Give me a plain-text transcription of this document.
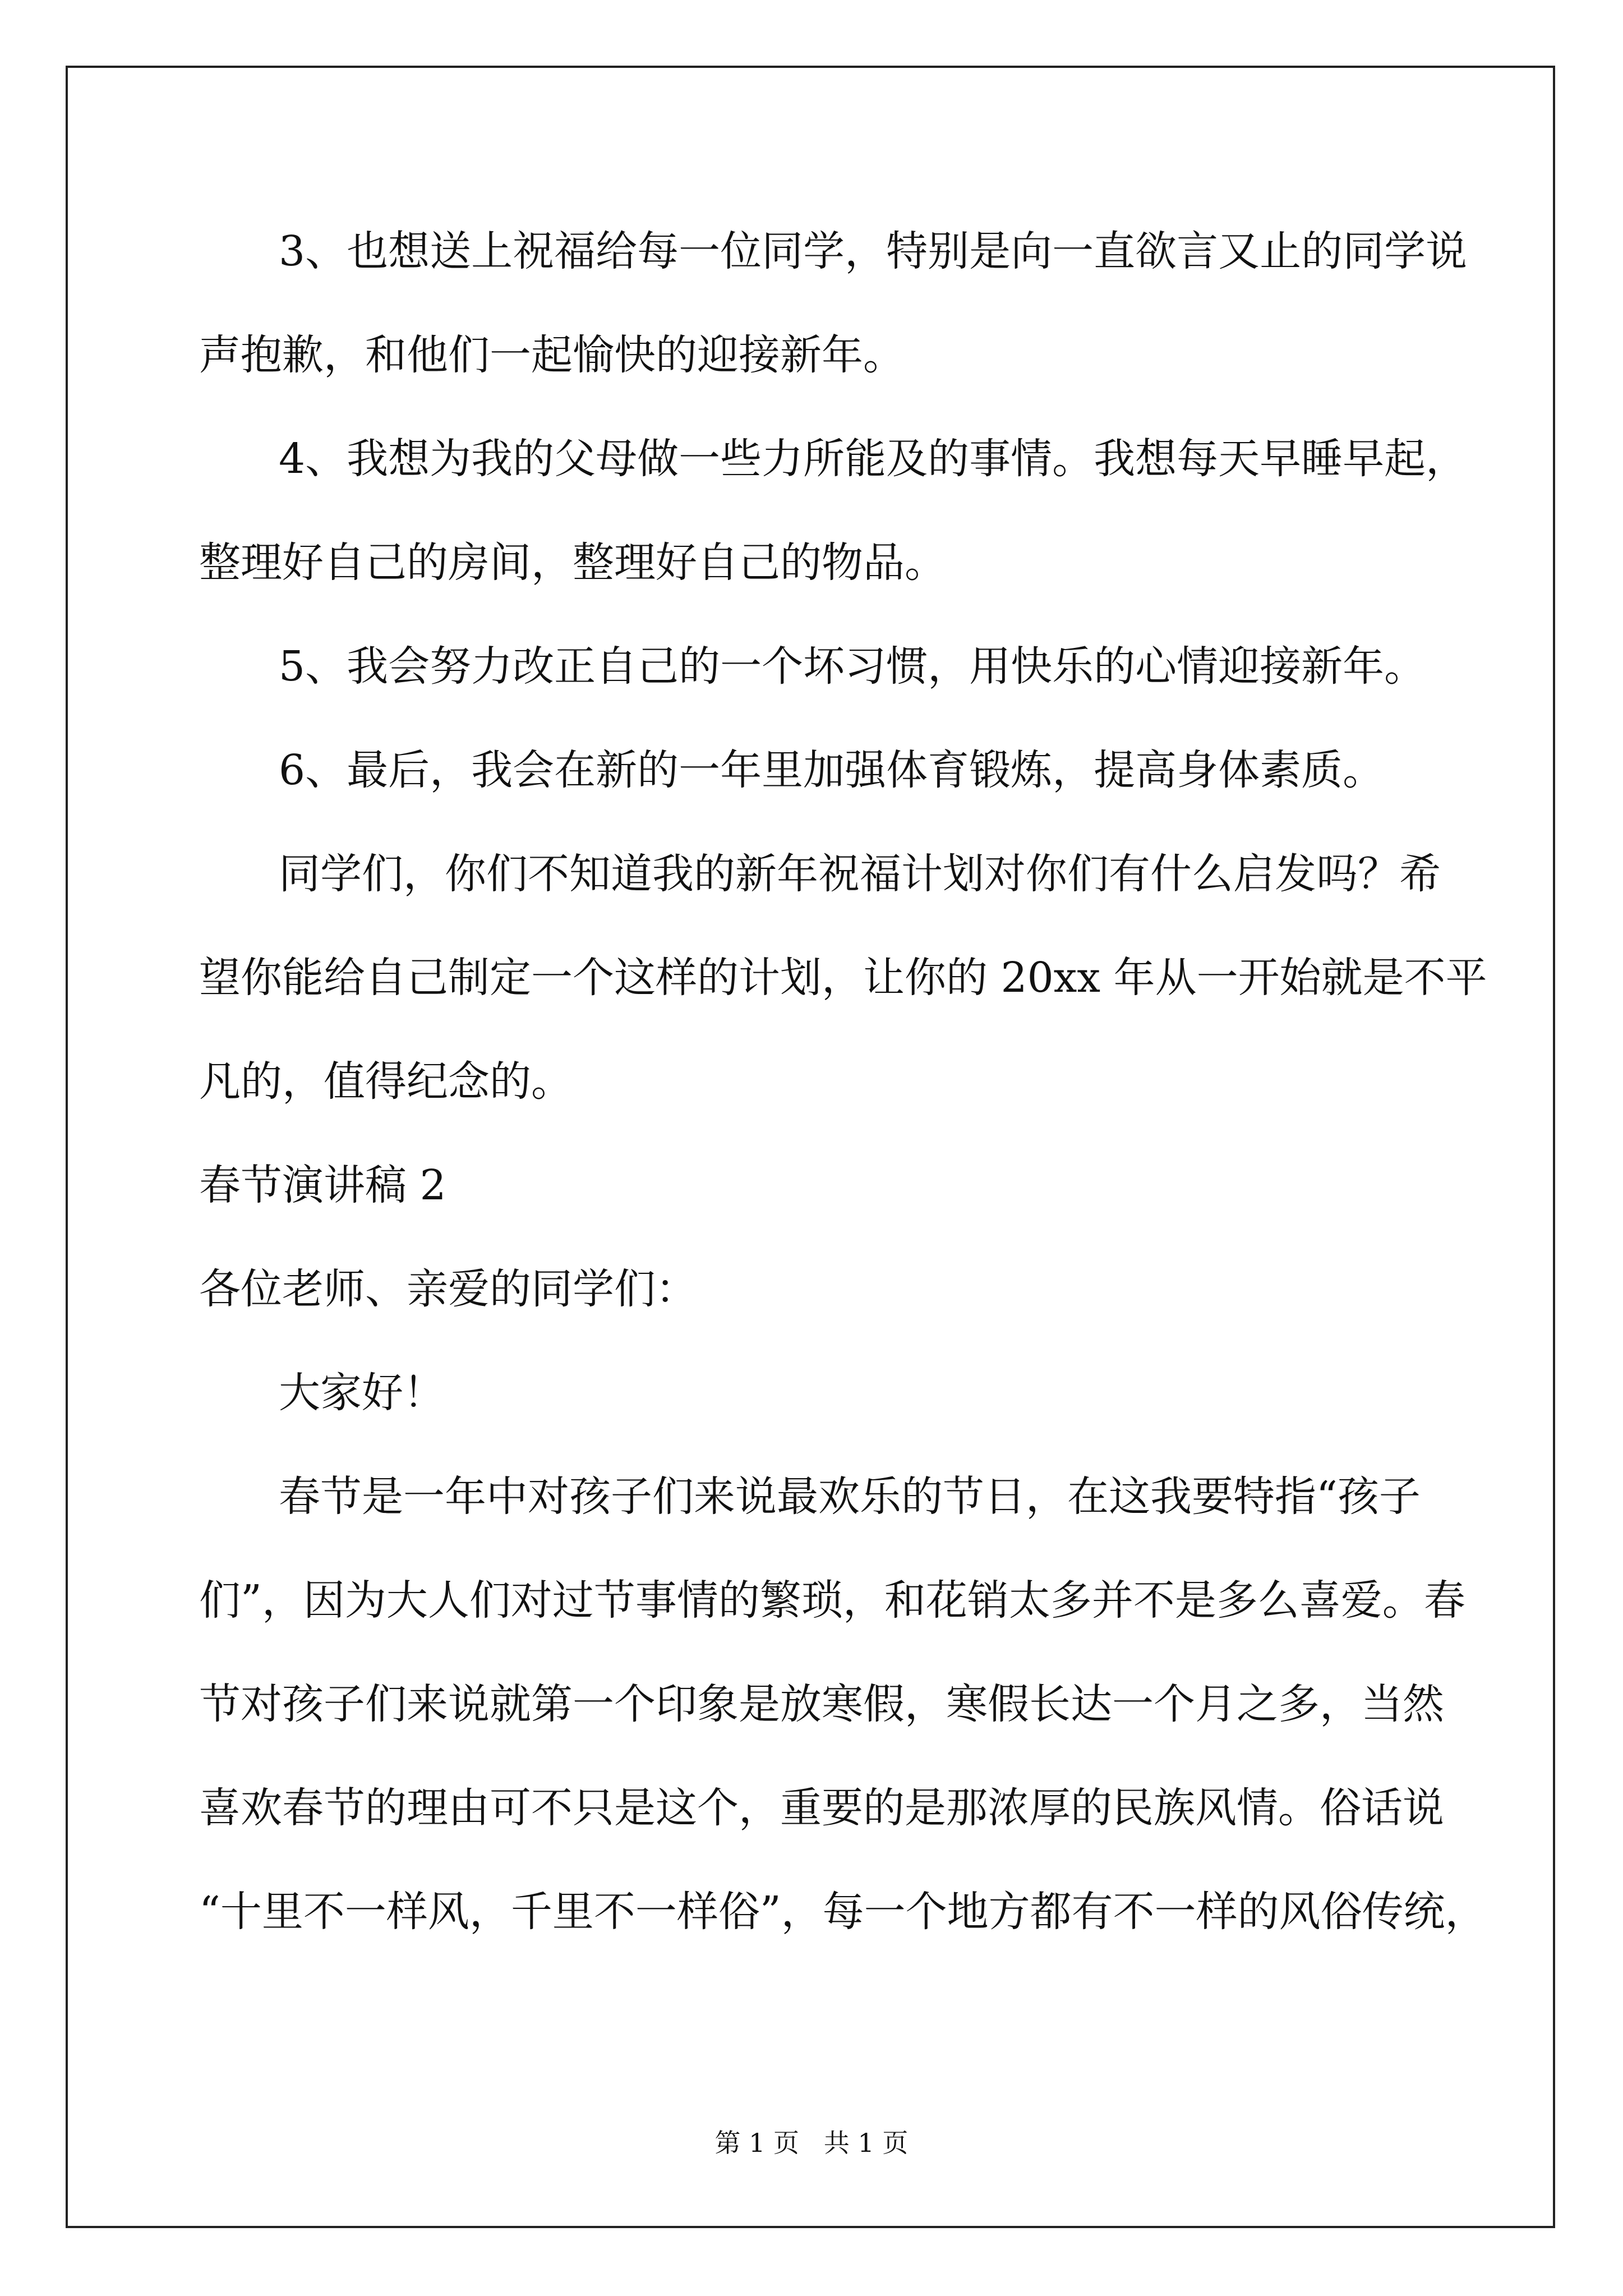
3、也想送上祝福给每一位同学，特别是向一直欲言又止的同学说
声抱歉，和他们一起愉快的迎接新年。
4、我想为我的父母做一些力所能及的事情。我想每天早睡早起，
整理好自己的房间，整理好自己的物品。
5、我会努力改正自己的一个坏习惯，用快乐的心情迎接新年。
6、最后，我会在新的一年里加强体育锻炼，提高身体素质。
同学们，你们不知道我的新年祝福计划对你们有什么启发吗？希
望你能给自己制定一个这样的计划，让你的 20xx 年从一开始就是不平
凡的，值得纪念的。
春节演讲稿 2
各位老师、亲爱的同学们：
大家好！
春节是一年中对孩子们来说最欢乐的节日，在这我要特指“孩子
们”，因为大人们对过节事情的繁琐，和花销太多并不是多么喜爱。春
节对孩子们来说就第一个印象是放寒假，寒假长达一个月之多，当然
喜欢春节的理由可不只是这个，重要的是那浓厚的民族风情。俗话说
“十里不一样风，千里不一样俗”，每一个地方都有不一样的风俗传统，
第 1 页   共 1 页
